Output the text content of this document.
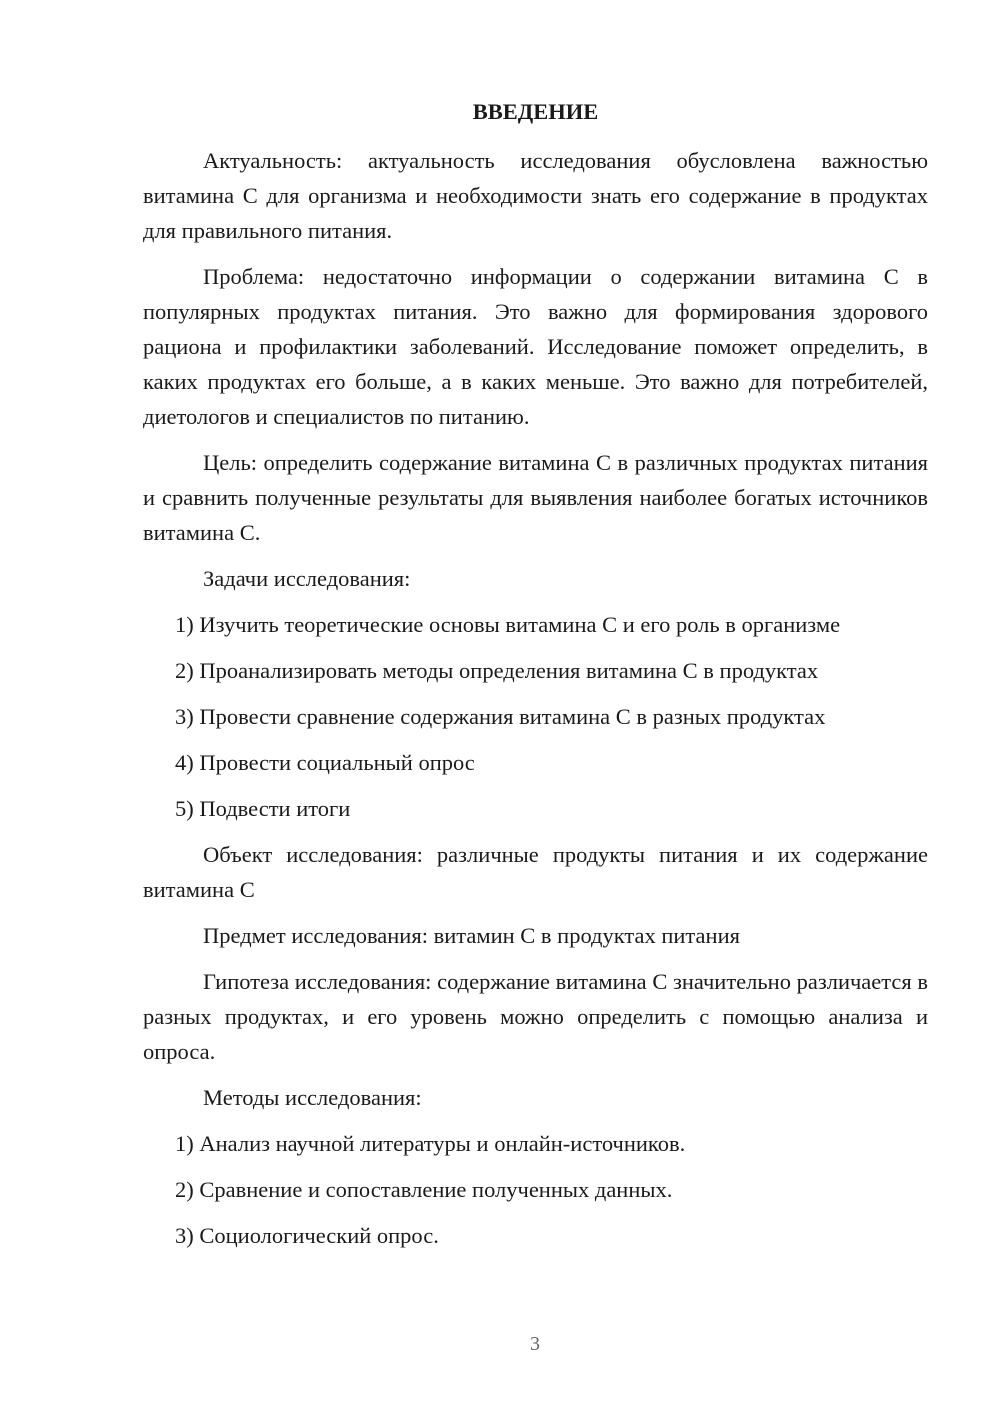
ВВЕДЕНИЕ

Актуальность: актуальность исследования обусловлена важностью витамина С для организма и необходимости знать его содержание в продуктах для правильного питания.

Проблема: недостаточно информации о содержании витамина С в популярных продуктах питания. Это важно для формирования здорового рациона и профилактики заболеваний. Исследование поможет определить, в каких продуктах его больше, а в каких меньше. Это важно для потребителей, диетологов и специалистов по питанию.

Цель: определить содержание витамина С в различных продуктах питания и сравнить полученные результаты для выявления наиболее богатых источников витамина С.

Задачи исследования:

1) Изучить теоретические основы витамина С и его роль в организме

2) Проанализировать методы определения витамина С в продуктах

3) Провести сравнение содержания витамина С в разных продуктах

4) Провести социальный опрос

5) Подвести итоги

Объект исследования: различные продукты питания и их содержание витамина С

Предмет исследования: витамин С в продуктах питания

Гипотеза исследования: содержание витамина С значительно различается в разных продуктах, и его уровень можно определить с помощью анализа и опроса.

Методы исследования:

1) Анализ научной литературы и онлайн-источников.

2) Сравнение и сопоставление полученных данных.

3) Социологический опрос.

3
